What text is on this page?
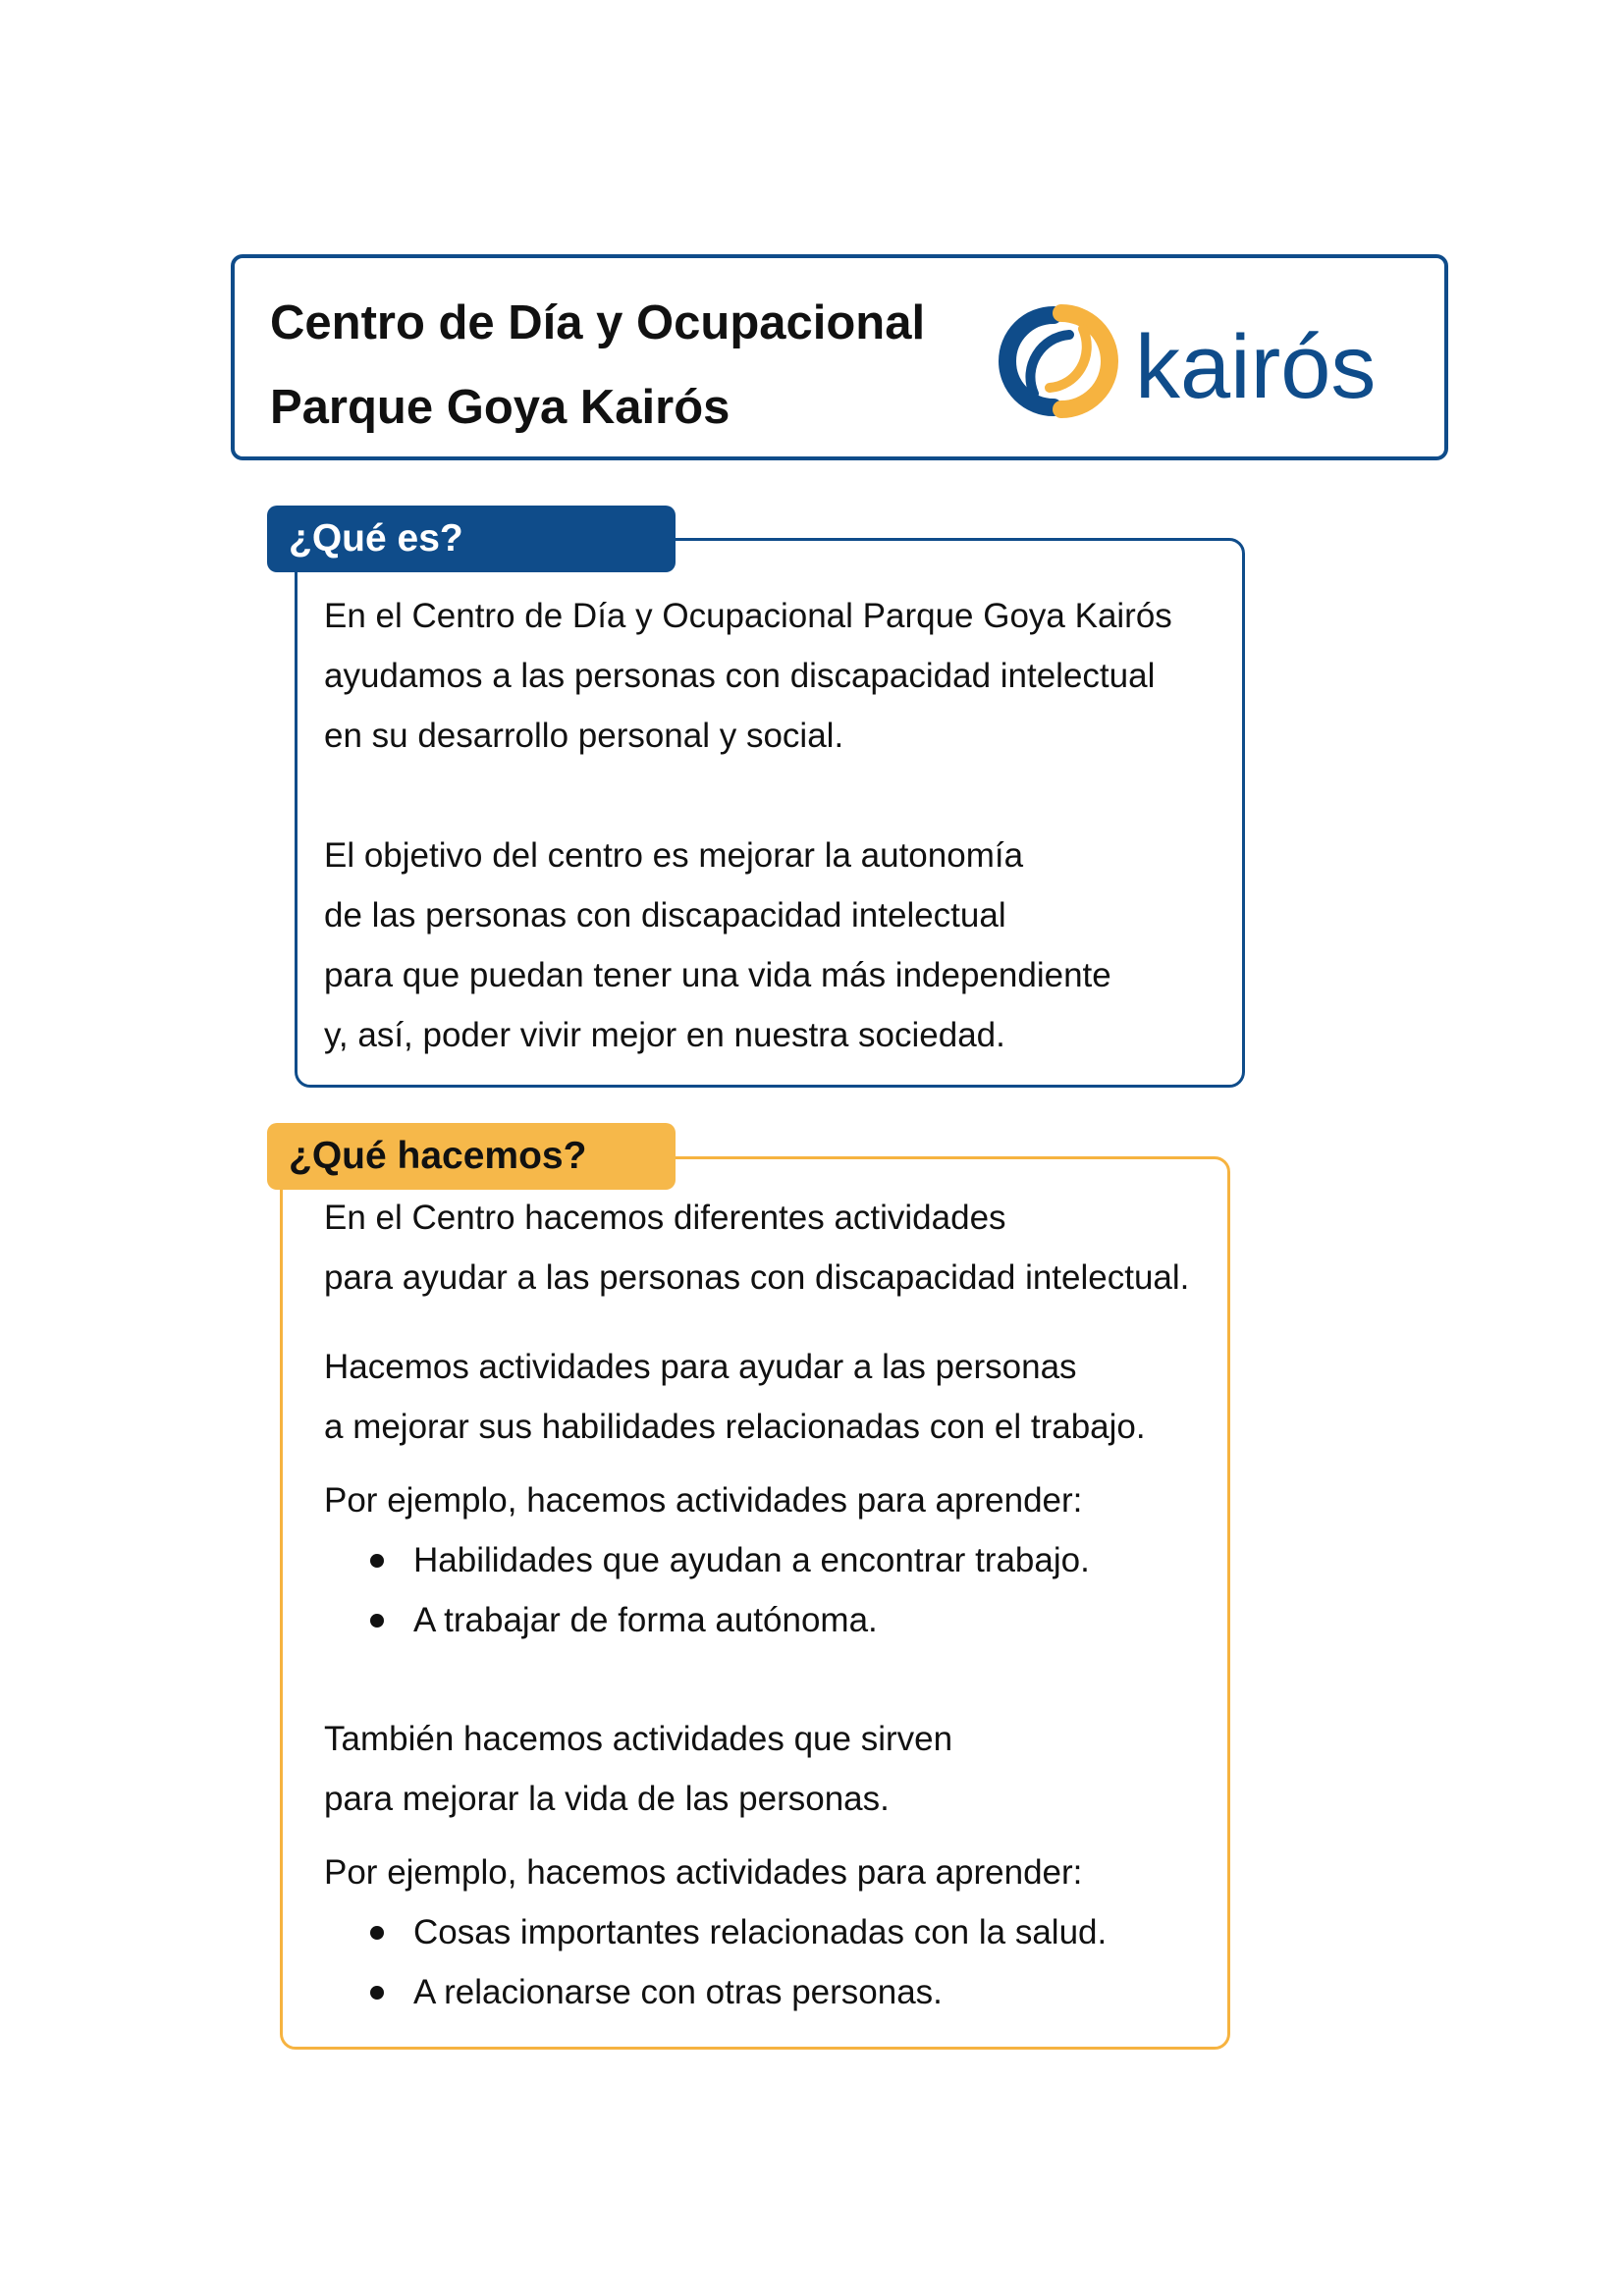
Centro de Día y Ocupacional
Parque Goya Kairós	kairós
¿Qué es?
En el Centro de Día y Ocupacional Parque Goya Kairós
ayudamos a las personas con discapacidad intelectual
en su desarrollo personal y social.
El objetivo del centro es mejorar la autonomía
de las personas con discapacidad intelectual
para que puedan tener una vida más independiente
y, así, poder vivir mejor en nuestra sociedad.
¿Qué hacemos?
En el Centro hacemos diferentes actividades
para ayudar a las personas con discapacidad intelectual.
Hacemos actividades para ayudar a las personas
a mejorar sus habilidades relacionadas con el trabajo.
Por ejemplo, hacemos actividades para aprender:
Habilidades que ayudan a encontrar trabajo.
A trabajar de forma autónoma.
También hacemos actividades que sirven
para mejorar la vida de las personas.
Por ejemplo, hacemos actividades para aprender:
Cosas importantes relacionadas con la salud.
A relacionarse con otras personas.
